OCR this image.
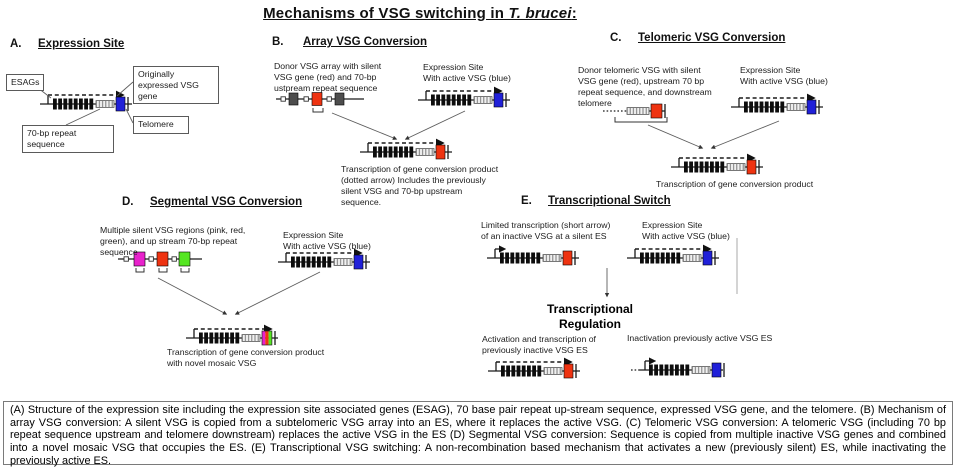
Mechanisms of VSG switching in T. brucei:
A. Expression Site
ESAGs
Originally expressed VSG gene
70-bp repeat sequence
Telomere
B. Array VSG Conversion
Donor VSG array with silent VSG gene (red) and 70-bp ustpream repeat sequence
Expression Site
With active VSG (blue)
Transcription of gene conversion product (dotted arrow) Includes the previously silent VSG and 70-bp upstream sequence.
C. Telomeric VSG Conversion
Donor telomeric VSG with silent VSG gene (red), upstream 70 bp repeat sequence, and downstream telomere
Expression Site
With active VSG (blue)
Transcription of gene conversion product
D. Segmental VSG Conversion
Multiple silent VSG regions (pink, red, green), and up stream 70-bp repeat sequence
Expression Site
With active VSG (blue)
Transcription of gene conversion product with novel mosaic VSG
E. Transcriptional Switch
Limited transcription (short arrow) of an inactive VSG at a silent ES
Expression Site
With active VSG (blue)
Transcriptional
Regulation
Activation and transcription of previously inactive VSG ES
Inactivation previously active VSG ES
(A) Structure of the expression site including the expression site associated genes (ESAG), 70 base pair repeat up-stream sequence, expressed VSG gene, and the telomere. (B) Mechanism of array VSG conversion: A silent VSG is copied from a subtelomeric VSG array into an ES, where it replaces the active VSG. (C) Telomeric VSG conversion: A telomeric VSG (including 70 bp repeat sequence upstream and telomere downstream) replaces the active VSG in the ES (D) Segmental VSG conversion: Sequence is copied from multiple inactive VSG genes and combined into a novel mosaic VSG that occupies the ES. (E) Transcriptional VSG switching: A non-recombination based mechanism that activates a new (previously silent) ES, while inactivating the previously active ES.
